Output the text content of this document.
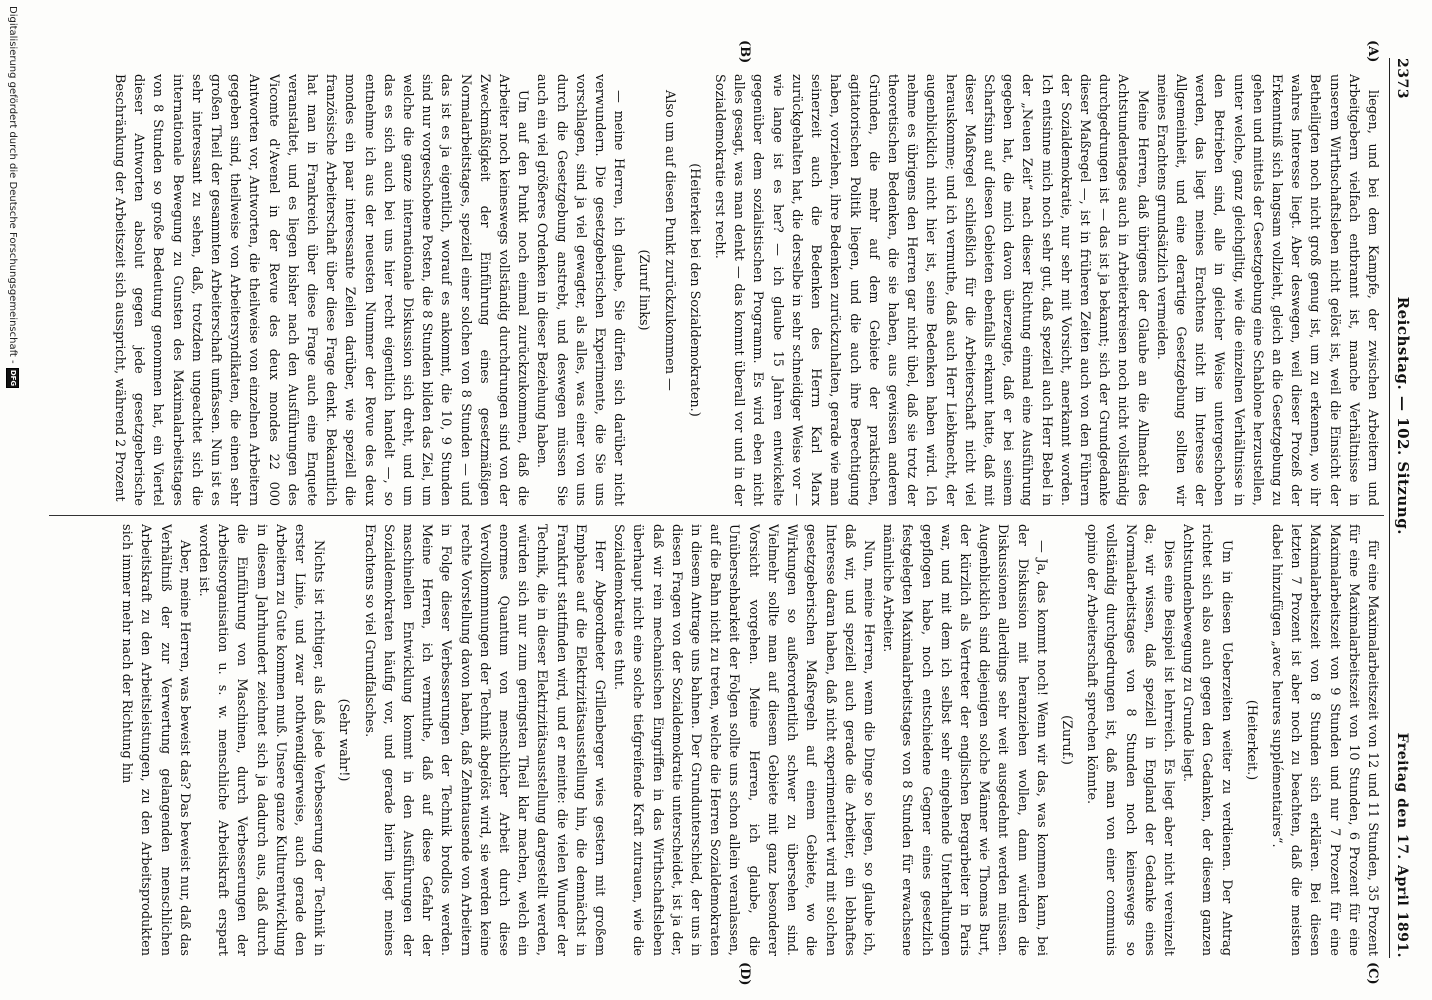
2373
Reichstag. — 102. Sitzung.
Freitag den 17. April 1891.
(A)
(B)
(C)
(D)

liegen, und bei dem Kampfe, der zwischen Arbeitern und Arbeitgebern vielfach entbrannt ist, manche Verhältnisse in unserem Wirthschaftsleben nicht gelöst ist, weil die Einsicht der Betheiligten noch nicht groß genug ist, um zu erkennen, wo ihr wahres Interesse liegt. Aber deswegen, weil dieser Prozeß der Erkenntniß sich langsam vollzieht, gleich an die Gesetzgebung zu gehen und mittels der Gesetzgebung eine Schablone herzustellen, unter welche, ganz gleichgiltig, wie die einzelnen Verhältnisse in den Betrieben sind, alle in gleicher Weise untergeschoben werden, das liegt meines Erachtens nicht im Interesse der Allgemeinheit, und eine derartige Gesetzgebung sollten wir meines Erachtens grundsätzlich vermeiden.

Meine Herren, daß übrigens der Glaube an die Allmacht des Achtstundentages auch in Arbeiterkreisen noch nicht vollständig durchgedrungen ist — das ist ja bekannt; sich der Grundgedanke dieser Maßregel —, ist in früheren Zeiten auch von den Führern der Sozialdemokratie, nur sehr mit Vorsicht, anerkannt worden. Ich entsinne mich noch sehr gut, daß speziell auch Herr Bebel in der „Neuen Zeit“ nach dieser Richtung einmal eine Ausführung gegeben hat, die mich davon überzeugte, daß er bei seinem Scharfsinn auf diesen Gebieten ebenfalls erkannt hatte, daß mit dieser Maßregel schließlich für die Arbeiterschaft nicht viel herauskomme; und ich vermuthe, daß auch Herr Liebknecht, der augenblicklich nicht hier ist, seine Bedenken haben wird. Ich nehme es übrigens den Herren gar nicht übel, daß sie trotz der theoretischen Bedenken, die sie haben, aus gewissen anderen Gründen, die mehr auf dem Gebiete der praktischen, agitatorischen Politik liegen, und die auch ihre Berechtigung haben, vorziehen, ihre Bedenken zurückzuhalten, gerade wie man seinerzeit auch die Bedenken des Herrn Karl Marx zurückgehalten hat, die derselbe in sehr schneidiger Weise vor — wie lange ist es her? — ich glaube 15 Jahren entwickelte gegenüber dem sozialistischen Programm. Es wird eben nicht alles gesagt, was man denkt — das kommt überall vor und in der Sozialdemokratie erst recht.

(Heiterkeit bei den Sozialdemokraten.)

Also um auf diesen Punkt zurückzukommen —

(Zuruf links)

— meine Herren, ich glaube, Sie dürfen sich darüber nicht verwundern. Die gesetzgeberischen Experimente, die Sie uns vorschlagen, sind ja viel gewagter, als alles, was einer von uns durch die Gesetzgebung anstrebt, und deswegen müssen Sie auch ein viel größeres Ordenken in dieser Beziehung haben.

Um auf den Punkt noch einmal zurückzukommen, daß die Arbeiter noch keineswegs vollständig durchdrungen sind von der Zweckmäßigkeit der Einführung eines gesetzmäßigen Normalarbeitstages, speziell einer solchen von 8 Stunden — und das ist es ja eigentlich, worauf es ankommt, die 10, 9 Stunden sind nur vorgeschobene Posten, die 8 Stunden bilden das Ziel, um welche die ganze internationale Diskussion sich dreht, und um das es sich auch bei uns hier recht eigentlich handelt —, so entnehme ich aus der neuesten Nummer der Revue des deux mondes ein paar interessante Zeilen darüber, wie speziell die französische Arbeiterschaft über diese Frage denkt. Bekanntlich hat man in Frankreich über diese Frage auch eine Enquete veranstaltet, und es liegen bisher nach den Ausführungen des Vicomte d'Avenel in der Revue des deux mondes 22 000 Antworten vor, Antworten, die theilweise von einzelnen Arbeitern gegeben sind, theilweise von Arbeitersyndikaten, die einen sehr großen Theil der gesammten Arbeiterschaft umfassen. Nun ist es sehr interessant zu sehen, daß, trotzdem ungeachtet sich die internationale Bewegung zu Gunsten des Maximalarbeitstages von 8 Stunden so große Bedeutung genommen hat, ein Viertel dieser Antworten absolut gegen jede gesetzgeberische Beschränkung der Arbeitszeit sich ausspricht, während 2 Prozent

für eine Maximalarbeitszeit von 12 und 11 Stunden, 35 Prozent für eine Maximalarbeitszeit von 10 Stunden, 6 Prozent für eine Maximalarbeitszeit von 9 Stunden und nur 7 Prozent für eine Maximalarbeitszeit von 8 Stunden sich erklären. Bei diesen letzten 7 Prozent ist aber noch zu beachten, daß die meisten dabei hinzufügen „avec heures supplémentaires“.

(Heiterkeit.)

Um in diesen Ueberzeiten weiter zu verdienen. Der Antrag richtet sich also auch gegen den Gedanken, der diesem ganzen Achtstundenbewegung zu Grunde liegt.

Dies eine Beispiel ist lehrreich. Es liegt aber nicht vereinzelt da; wir wissen, daß speziell in England der Gedanke eines Normalarbeitstages von 8 Stunden noch keineswegs so vollständig durchgedrungen ist, daß man von einer communis opinio der Arbeiterschaft sprechen könnte.

(Zuruf.)

— Ja, das kommt noch! Wenn wir das, was kommen kann, bei der Diskussion mit heranziehen wollen, dann würden die Diskussionen allerdings sehr weit ausgedehnt werden müssen. Augenblicklich sind diejenigen solche Männer wie Thomas Burt, der kürzlich als Vertreter der englischen Bergarbeiter in Paris war, und mit dem ich selbst sehr eingehende Unterhaltungen gepflogen habe, noch entschiedene Gegner eines gesetzlich festgelegten Maximalarbeitstages von 8 Stunden für erwachsene männliche Arbeiter.

Nun, meine Herren, wenn die Dinge so liegen, so glaube ich, daß wir, und speziell auch gerade die Arbeiter, ein lebhaftes Interesse daran haben, daß nicht experimentiert wird mit solchen gesetzgeberischen Maßregeln auf einem Gebiete, wo die Wirkungen so außerordentlich schwer zu übersehen sind. Vielmehr sollte man auf diesem Gebiete mit ganz besonderer Vorsicht vorgehen. Meine Herren, ich glaube, die Unübersehbarkeit der Folgen sollte uns schon allein veranlassen, auf die Bahn nicht zu treten, welche die Herren Sozialdemokraten in diesem Antrage uns bahnen. Der Grundunterschied, der uns in diesen Fragen von der Sozialdemokratie unterscheidet, ist ja der, daß wir rein mechanischen Eingriffen in das Wirthschaftsleben überhaupt nicht eine solche tiefgreifende Kraft zutrauen, wie die Sozialdemokratie es thut.

Herr Abgeordneter Grillenberger wies gestern mit großem Emphase auf die Elektrizitätsausstellung hin, die demnächst in Frankfurt stattfinden wird, und er meinte: die vielen Wunder der Technik, die in dieser Elektrizitätsausstellung dargestellt werden, würden sich nur zum geringsten Theil klar machen, welch ein enormes Quantum von menschlicher Arbeit durch diese Vervollkommnungen der Technik abgelöst wird, sie werden keine rechte Vorstellung davon haben, daß Zehntausende von Arbeitern in Folge dieser Verbesserungen der Technik brodlos werden. Meine Herren, ich vermuthe, daß auf diese Gefahr der maschinellen Entwicklung kommt in den Ausführungen der Sozialdemokraten häufig vor, und gerade hierin liegt meines Erachtens so viel Grundfalsches.

(Sehr wahr!)

Nichts ist richtiger, als daß jede Verbesserung der Technik in erster Linie, und zwar nothwendigerweise, auch gerade den Arbeitern zu Gute kommen muß. Unsere ganze Kulturentwicklung in diesem Jahrhundert zeichnet sich ja dadurch aus, daß durch die Einführung von Maschinen, durch Verbesserungen der Arbeitsorganisation u. s. w. menschliche Arbeitskraft erspart worden ist.

Aber, meine Herren, was beweist das? Das beweist nur, daß das Verhältniß der zur Verwertung gelangenden menschlichen Arbeitskraft zu den Arbeitsleistungen, zu den Arbeitsprodukten sich immer mehr nach der Richtung hin

Digitalisierung gefördert durch die Deutsche Forschungsgemeinschaft -
DFG
